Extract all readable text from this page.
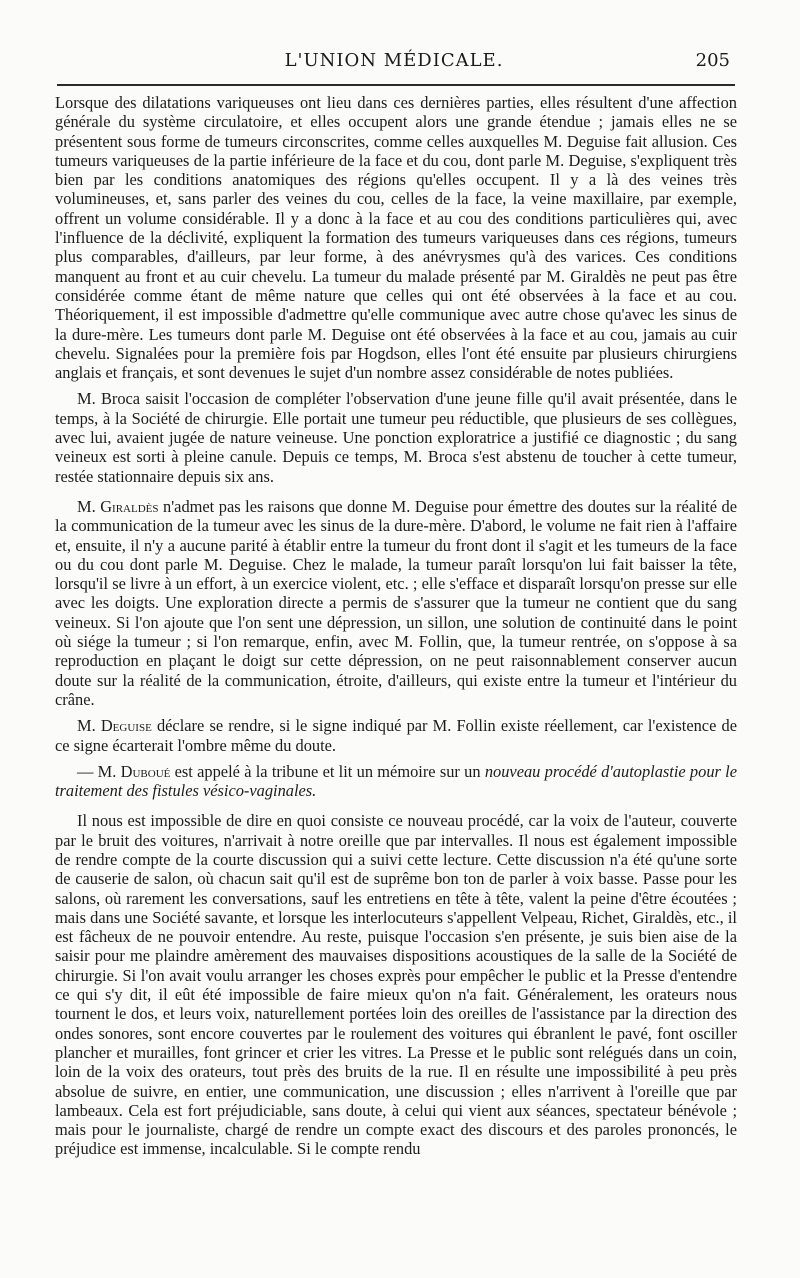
L'UNION MÉDICALE.	205

Lorsque des dilatations variqueuses ont lieu dans ces dernières parties, elles résultent d'une affection générale du système circulatoire, et elles occupent alors une grande étendue ; jamais elles ne se présentent sous forme de tumeurs circonscrites, comme celles auxquelles M. Deguise fait allusion. Ces tumeurs variqueuses de la partie inférieure de la face et du cou, dont parle M. Deguise, s'expliquent très bien par les conditions anatomiques des régions qu'elles occupent. Il y a là des veines très volumineuses, et, sans parler des veines du cou, celles de la face, la veine maxillaire, par exemple, offrent un volume considérable. Il y a donc à la face et au cou des conditions particulières qui, avec l'influence de la déclivité, expliquent la formation des tumeurs variqueuses dans ces régions, tumeurs plus comparables, d'ailleurs, par leur forme, à des anévrysmes qu'à des varices. Ces conditions manquent au front et au cuir chevelu. La tumeur du malade présenté par M. Giraldès ne peut pas être considérée comme étant de même nature que celles qui ont été observées à la face et au cou. Théoriquement, il est impossible d'admettre qu'elle communique avec autre chose qu'avec les sinus de la dure-mère. Les tumeurs dont parle M. Deguise ont été observées à la face et au cou, jamais au cuir chevelu. Signalées pour la première fois par Hogdson, elles l'ont été ensuite par plusieurs chirurgiens anglais et français, et sont devenues le sujet d'un nombre assez considérable de notes publiées.

M. Broca saisit l'occasion de compléter l'observation d'une jeune fille qu'il avait présentée, dans le temps, à la Société de chirurgie. Elle portait une tumeur peu réductible, que plusieurs de ses collègues, avec lui, avaient jugée de nature veineuse. Une ponction exploratrice a justifié ce diagnostic ; du sang veineux est sorti à pleine canule. Depuis ce temps, M. Broca s'est abstenu de toucher à cette tumeur, restée stationnaire depuis six ans.

M. Giraldès n'admet pas les raisons que donne M. Deguise pour émettre des doutes sur la réalité de la communication de la tumeur avec les sinus de la dure-mère. D'abord, le volume ne fait rien à l'affaire et, ensuite, il n'y a aucune parité à établir entre la tumeur du front dont il s'agit et les tumeurs de la face ou du cou dont parle M. Deguise. Chez le malade, la tumeur paraît lorsqu'on lui fait baisser la tête, lorsqu'il se livre à un effort, à un exercice violent, etc. ; elle s'efface et disparaît lorsqu'on presse sur elle avec les doigts. Une exploration directe a permis de s'assurer que la tumeur ne contient que du sang veineux. Si l'on ajoute que l'on sent une dépression, un sillon, une solution de continuité dans le point où siége la tumeur ; si l'on remarque, enfin, avec M. Follin, que, la tumeur rentrée, on s'oppose à sa reproduction en plaçant le doigt sur cette dépression, on ne peut raisonnablement conserver aucun doute sur la réalité de la communication, étroite, d'ailleurs, qui existe entre la tumeur et l'intérieur du crâne.

M. Deguise déclare se rendre, si le signe indiqué par M. Follin existe réellement, car l'existence de ce signe écarterait l'ombre même du doute.

— M. Duboué est appelé à la tribune et lit un mémoire sur un nouveau procédé d'autoplastie pour le traitement des fistules vésico-vaginales.

Il nous est impossible de dire en quoi consiste ce nouveau procédé, car la voix de l'auteur, couverte par le bruit des voitures, n'arrivait à notre oreille que par intervalles. Il nous est également impossible de rendre compte de la courte discussion qui a suivi cette lecture. Cette discussion n'a été qu'une sorte de causerie de salon, où chacun sait qu'il est de suprême bon ton de parler à voix basse. Passe pour les salons, où rarement les conversations, sauf les entretiens en tête à tête, valent la peine d'être écoutées ; mais dans une Société savante, et lorsque les interlocuteurs s'appellent Velpeau, Richet, Giraldès, etc., il est fâcheux de ne pouvoir entendre. Au reste, puisque l'occasion s'en présente, je suis bien aise de la saisir pour me plaindre amèrement des mauvaises dispositions acoustiques de la salle de la Société de chirurgie. Si l'on avait voulu arranger les choses exprès pour empêcher le public et la Presse d'entendre ce qui s'y dit, il eût été impossible de faire mieux qu'on n'a fait. Généralement, les orateurs nous tournent le dos, et leurs voix, naturellement portées loin des oreilles de l'assistance par la direction des ondes sonores, sont encore couvertes par le roulement des voitures qui ébranlent le pavé, font osciller plancher et murailles, font grincer et crier les vitres. La Presse et le public sont relégués dans un coin, loin de la voix des orateurs, tout près des bruits de la rue. Il en résulte une impossibilité à peu près absolue de suivre, en entier, une communication, une discussion ; elles n'arrivent à l'oreille que par lambeaux. Cela est fort préjudiciable, sans doute, à celui qui vient aux séances, spectateur bénévole ; mais pour le journaliste, chargé de rendre un compte exact des discours et des paroles prononcés, le préjudice est immense, incalculable. Si le compte rendu
